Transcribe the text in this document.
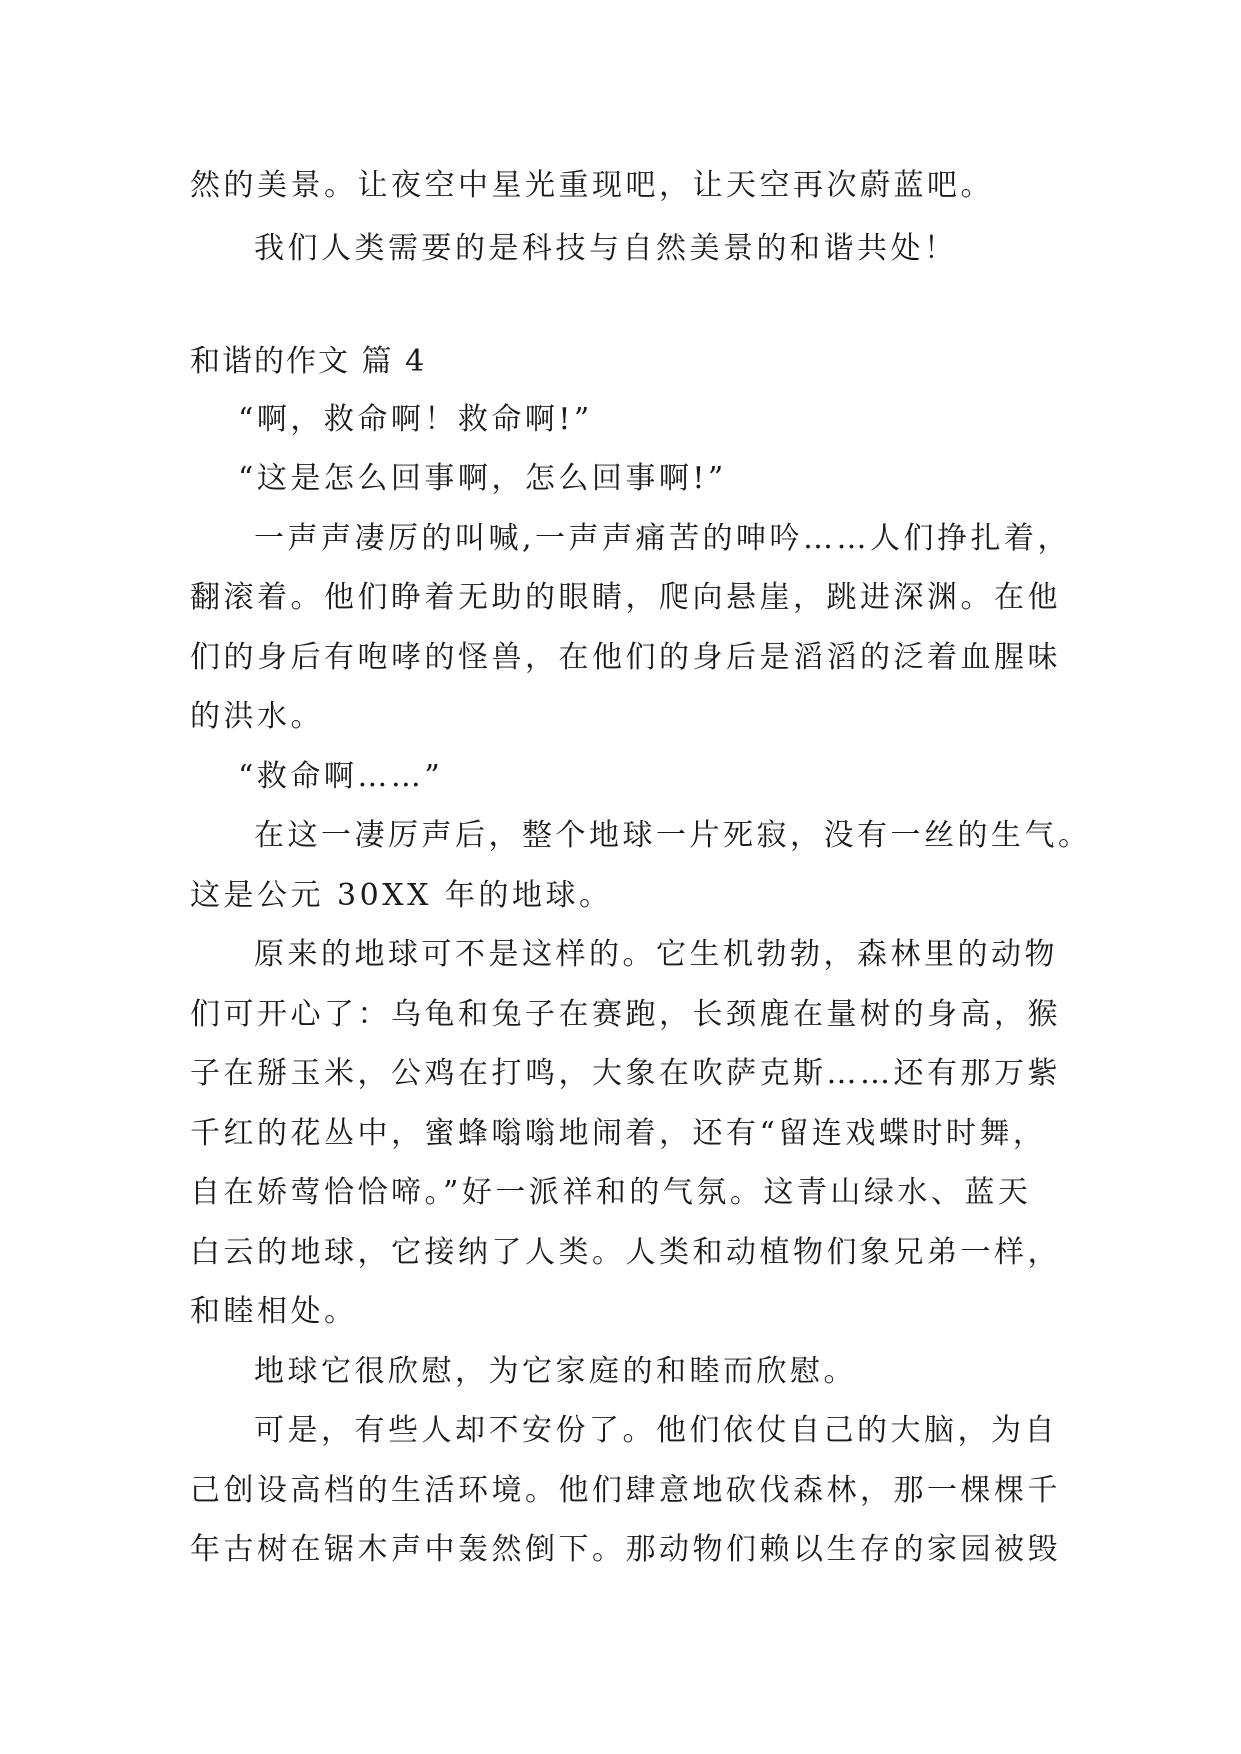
然的美景。让夜空中星光重现吧，让天空再次蔚蓝吧。
我们人类需要的是科技与自然美景的和谐共处！
和谐的作文 篇 4
“啊，救命啊！救命啊!”
“这是怎么回事啊，怎么回事啊!”
一声声凄厉的叫喊,一声声痛苦的呻吟……人们挣扎着，
翻滚着。他们睁着无助的眼睛，爬向悬崖，跳进深渊。在他
们的身后有咆哮的怪兽，在他们的身后是滔滔的泛着血腥味
的洪水。
“救命啊……”
在这一凄厉声后，整个地球一片死寂，没有一丝的生气。
这是公元 30XX 年的地球。
原来的地球可不是这样的。它生机勃勃，森林里的动物
们可开心了：乌龟和兔子在赛跑，长颈鹿在量树的身高，猴
子在掰玉米，公鸡在打鸣，大象在吹萨克斯……还有那万紫
千红的花丛中，蜜蜂嗡嗡地闹着，还有“留连戏蝶时时舞，
自在娇莺恰恰啼。”好一派祥和的气氛。这青山绿水、蓝天
白云的地球，它接纳了人类。人类和动植物们象兄弟一样，
和睦相处。
地球它很欣慰，为它家庭的和睦而欣慰。
可是，有些人却不安份了。他们依仗自己的大脑，为自
己创设高档的生活环境。他们肆意地砍伐森林，那一棵棵千
年古树在锯木声中轰然倒下。那动物们赖以生存的家园被毁
